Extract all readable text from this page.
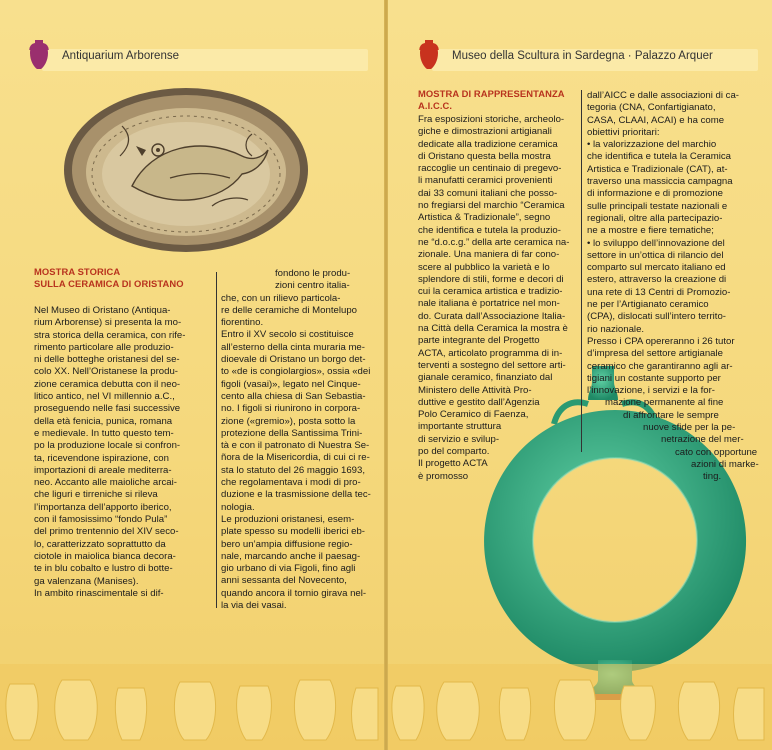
Antiquarium Arborense
MOSTRA STORICA
SULLA CERAMICA DI ORISTANO
Nel Museo di Oristano (Antiqua-
rium Arborense) si presenta la mo-
stra storica della ceramica, con rife-
rimento particolare alle produzio-
ni delle botteghe oristanesi del se-
colo XX. Nell’Oristanese la produ-
zione ceramica debutta con il neo-
litico antico, nel VI millennio a.C.,
proseguendo nelle fasi successive
della età fenicia, punica, romana
e medievale. In tutto questo tem-
po la produzione locale si confron-
ta, ricevendone ispirazione, con
importazioni di areale mediterra-
neo. Accanto alle maioliche arcai-
che liguri e tirreniche si rileva
l’importanza dell’apporto iberico,
con il famosissimo “fondo Pula”
del primo trentennio del XIV seco-
lo, caratterizzato soprattutto da
ciotole in maiolica bianca decora-
te in blu cobalto e lustro di botte-
ga valenzana (Manises).
In ambito rinascimentale si dif-
fondono le produ-
zioni centro italia-
che, con un rilievo particola-
re delle ceramiche di Montelupo
fiorentino.
Entro il XV secolo si costituisce
all’esterno della cinta muraria me-
dioevale di Oristano un borgo det-
to «de is congiolargios», ossia «dei
figoli (vasai)», legato nel Cinque-
cento alla chiesa di San Sebastia-
no. I figoli si riunirono in corpora-
zione («gremio»), posta sotto la
protezione della Santissima Trini-
tà e con il patronato di Nuestra Se-
ñora de la Misericordia, di cui ci re-
sta lo statuto del 26 maggio 1693,
che regolamentava i modi di pro-
duzione e la trasmissione della tec-
nologia.
Le produzioni oristanesi, esem-
plate spesso su modelli iberici eb-
bero un’ampia diffusione regio-
nale, marcando anche il paesag-
gio urbano di via Figoli, fino agli
anni sessanta del Novecento,
quando ancora il tornio girava nel-
la via dei vasai.
Museo della Scultura in Sardegna · Palazzo Arquer
MOSTRA DI RAPPRESENTANZA
A.I.C.C.
Fra esposizioni storiche, archeolo-
giche e dimostrazioni artigianali
dedicate alla tradizione ceramica
di Oristano questa bella mostra
raccoglie un centinaio di pregevo-
li manufatti ceramici provenienti
dai 33 comuni italiani che posso-
no fregiarsi del marchio “Ceramica
Artistica & Tradizionale”, segno
che identifica e tutela la produzio-
ne “d.o.c.g.” della arte ceramica na-
zionale. Una maniera di far cono-
scere al pubblico la varietà e lo
splendore di stili, forme e decori di
cui la ceramica artistica e tradizio-
nale italiana è portatrice nel mon-
do. Curata dall’Associazione Italia-
na Città della Ceramica la mostra è
parte integrante del Progetto
ACTA, articolato programma di in-
terventi a sostegno del settore arti-
gianale ceramico, finanziato dal
Ministero delle Attività Pro-
duttive e gestito dall’Agenzia
Polo Ceramico di Faenza,
importante struttura
di servizio e svilup-
po del comparto.
Il progetto ACTA
è promosso
dall’AICC e dalle associazioni di ca-
tegoria (CNA, Confartigianato,
CASA, CLAAI, ACAI) e ha come
obiettivi prioritari:
• la valorizzazione del marchio
che identifica e tutela la Ceramica
Artistica e Tradizionale (CAT), at-
traverso una massiccia campagna
di informazione e di promozione
sulle principali testate nazionali e
regionali, oltre alla partecipazio-
ne a mostre e fiere tematiche;
• lo sviluppo dell’innovazione del
settore in un’ottica di rilancio del
comparto sul mercato italiano ed
estero, attraverso la creazione di
una rete di 13 Centri di Promozio-
ne per l’Artigianato ceramico
(CPA), dislocati sull’intero territo-
rio nazionale.
Presso i CPA opereranno i 26 tutor
d’impresa del settore artigianale
ceramico che garantiranno agli ar-
tigiani un costante supporto per
l’innovazione, i servizi e la for-
mazione permanente al fine
di affrontare le sempre
nuove sfide per la pe-
netrazione del mer-
cato con opportune
azioni di marke-
ting.
